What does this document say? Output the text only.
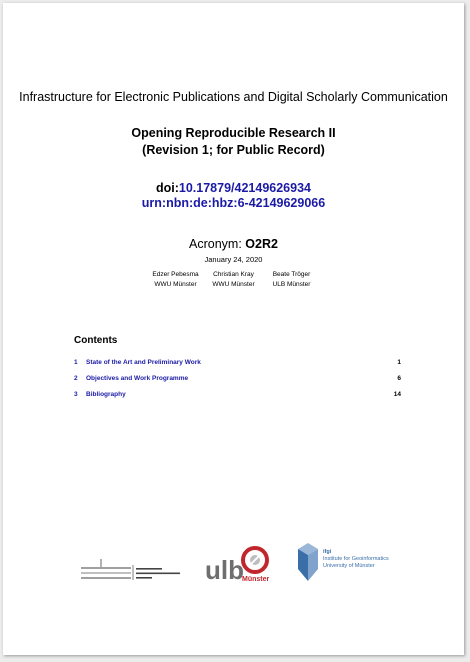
Infrastructure for Electronic Publications and Digital Scholarly Communication
Opening Reproducible Research II
(Revision 1; for Public Record)
doi:10.17879/42149626934
urn:nbn:de:hbz:6-42149629066
Acronym: O2R2
January 24, 2020
Edzer Pebesma
WWU Münster
Christian Kray
WWU Münster
Beate Tröger
ULB Münster
Contents
1	State of the Art and Preliminary Work	1
2	Objectives and Work Programme	6
3	Bibliography	14
ulb
Münster
ifgi
Institute for Geoinformatics
University of Münster
